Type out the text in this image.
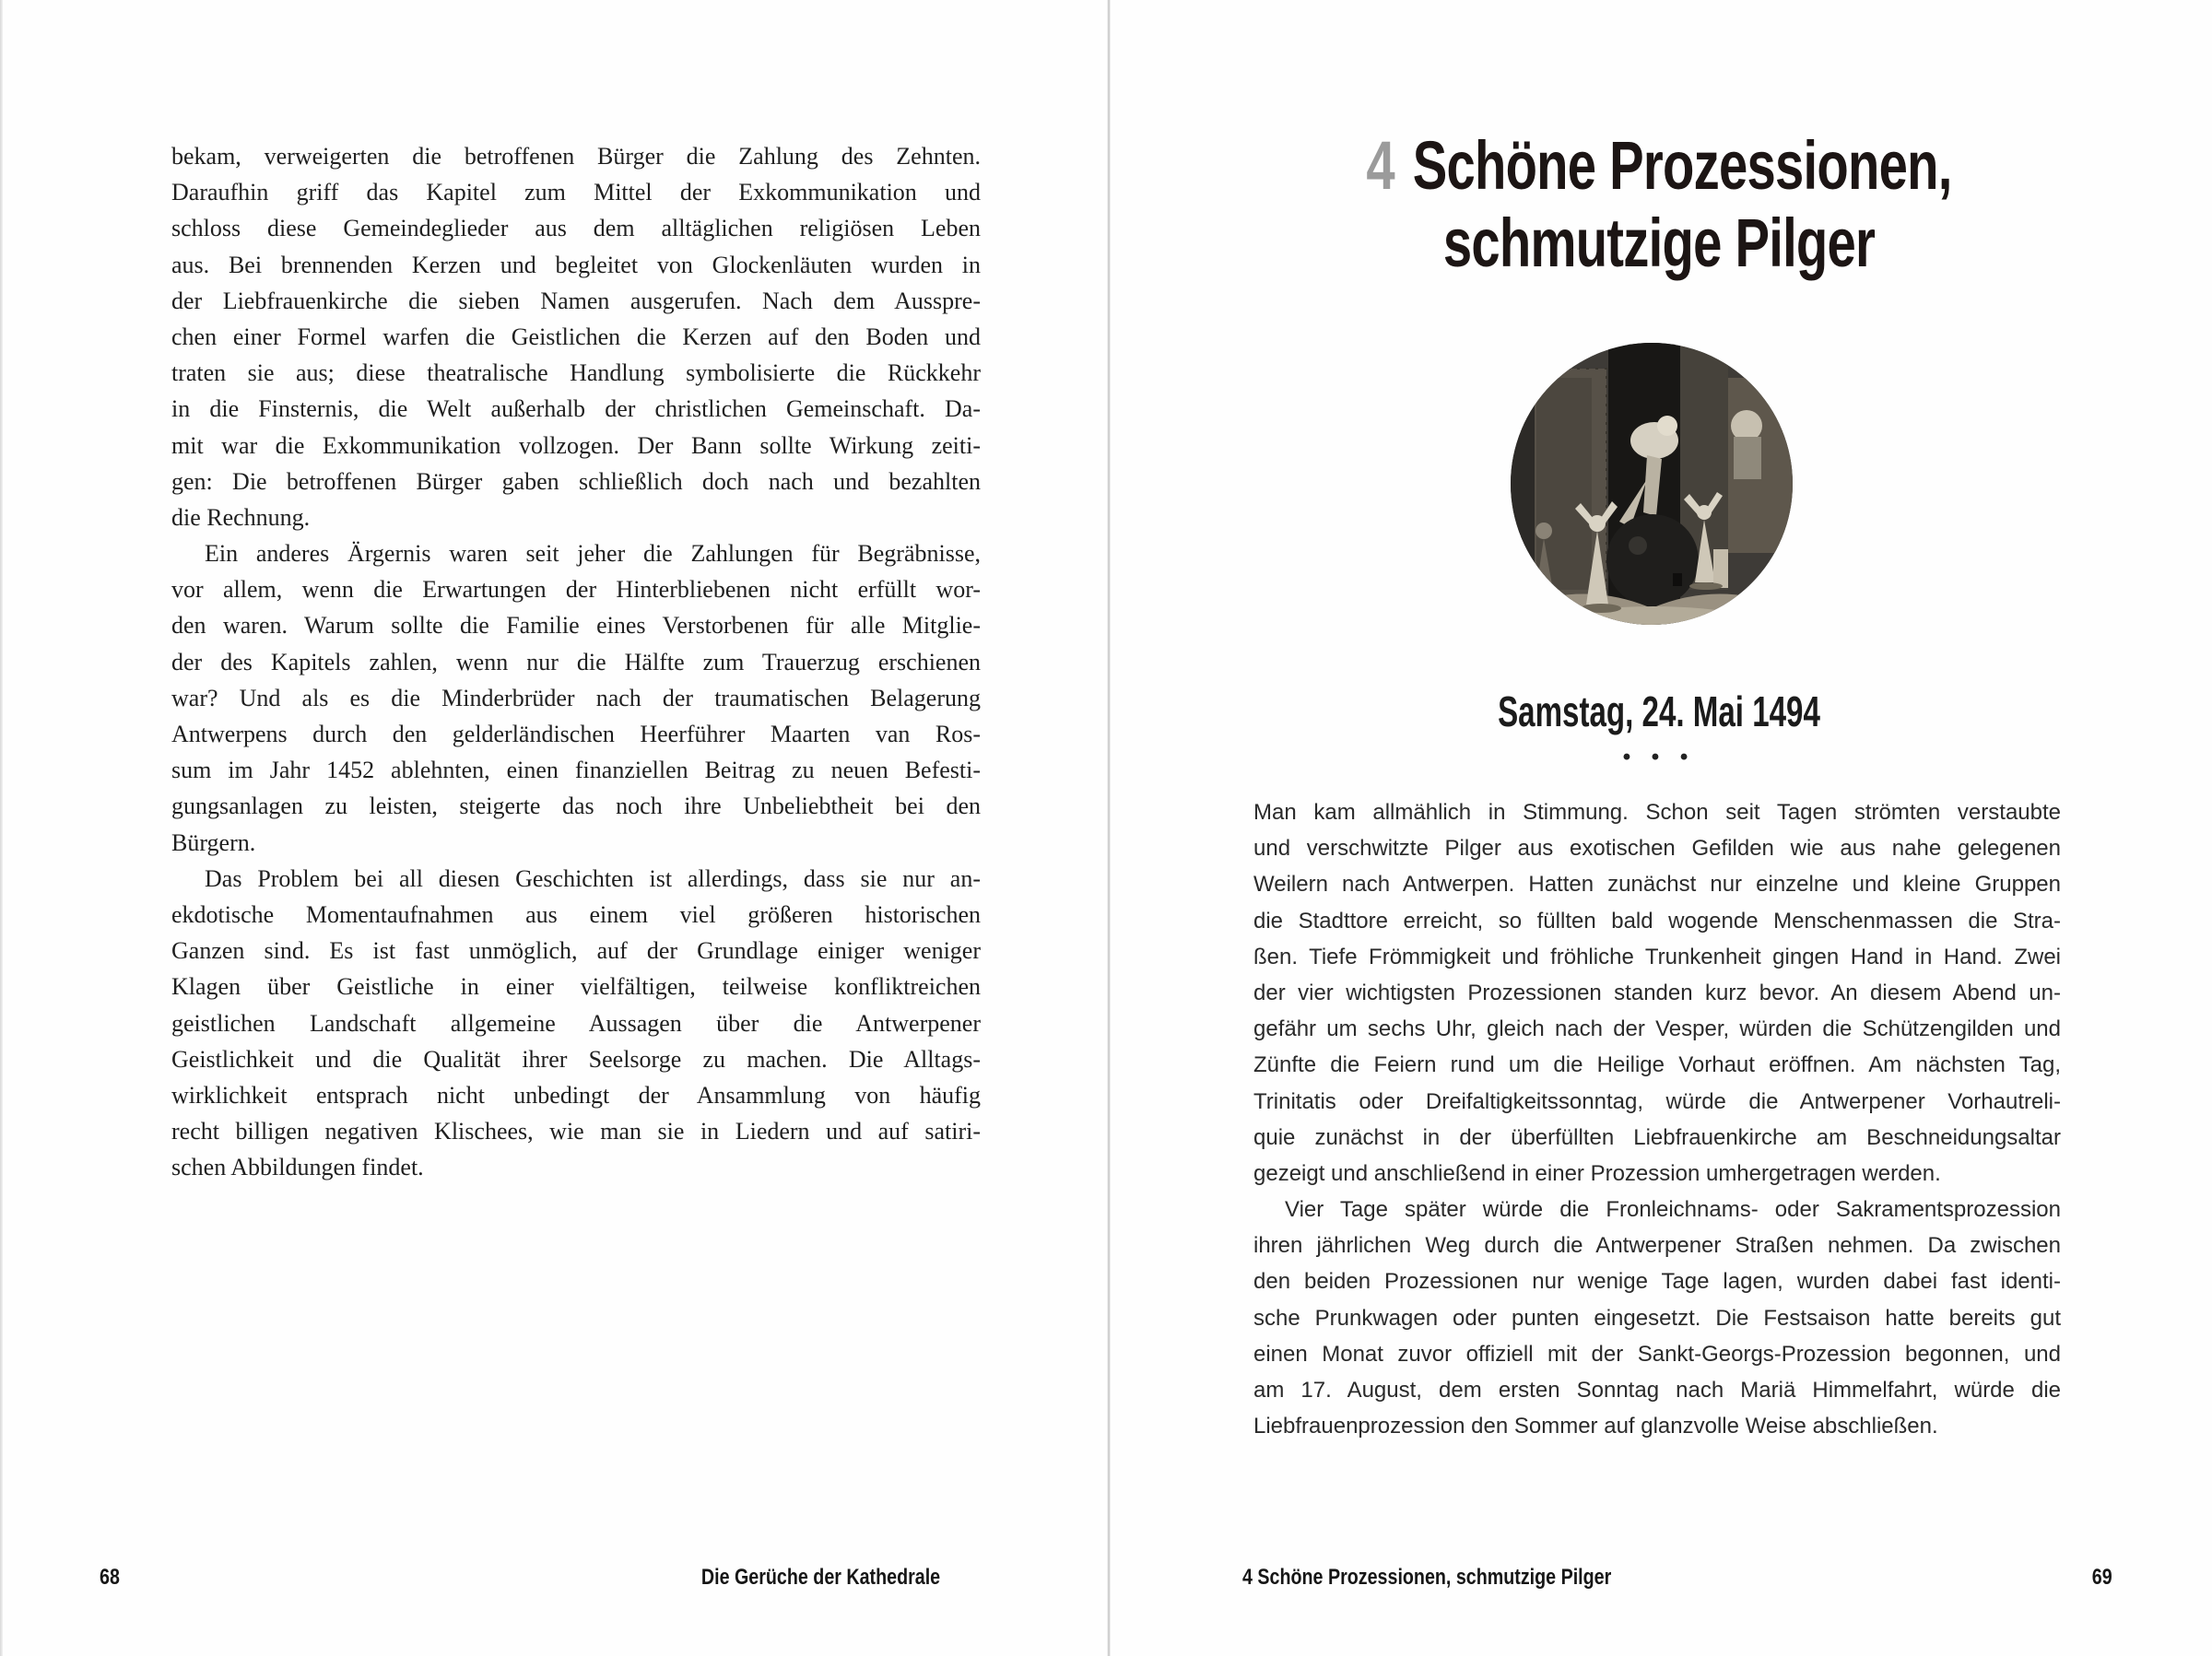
bekam, verweigerten die betroffenen Bürger die Zahlung des Zehnten.
Daraufhin griff das Kapitel zum Mittel der Exkommunikation und
schloss diese Gemeindeglieder aus dem alltäglichen religiösen Leben
aus. Bei brennenden Kerzen und begleitet von Glockenläuten wurden in
der Liebfrauenkirche die sieben Namen ausgerufen. Nach dem Ausspre-
chen einer Formel warfen die Geistlichen die Kerzen auf den Boden und
traten sie aus; diese theatralische Handlung symbolisierte die Rückkehr
in die Finsternis, die Welt außerhalb der christlichen Gemeinschaft. Da-
mit war die Exkommunikation vollzogen. Der Bann sollte Wirkung zeiti-
gen: Die betroffenen Bürger gaben schließlich doch nach und bezahlten
die Rechnung.
Ein anderes Ärgernis waren seit jeher die Zahlungen für Begräbnisse,
vor allem, wenn die Erwartungen der Hinterbliebenen nicht erfüllt wor-
den waren. Warum sollte die Familie eines Verstorbenen für alle Mitglie-
der des Kapitels zahlen, wenn nur die Hälfte zum Trauerzug erschienen
war? Und als es die Minderbrüder nach der traumatischen Belagerung
Antwerpens durch den gelderländischen Heerführer Maarten van Ros-
sum im Jahr 1452 ablehnten, einen finanziellen Beitrag zu neuen Befesti-
gungsanlagen zu leisten, steigerte das noch ihre Unbeliebtheit bei den
Bürgern.
Das Problem bei all diesen Geschichten ist allerdings, dass sie nur an-
ekdotische Momentaufnahmen aus einem viel größeren historischen
Ganzen sind. Es ist fast unmöglich, auf der Grundlage einiger weniger
Klagen über Geistliche in einer vielfältigen, teilweise konfliktreichen
geistlichen Landschaft allgemeine Aussagen über die Antwerpener
Geistlichkeit und die Qualität ihrer Seelsorge zu machen. Die Alltags-
wirklichkeit entsprach nicht unbedingt der Ansammlung von häufig
recht billigen negativen Klischees, wie man sie in Liedern und auf satiri-
schen Abbildungen findet.
68	Die Gerüche der Kathedrale
4 Schöne Prozessionen,
schmutzige Pilger
Samstag, 24. Mai 1494
• • •
Man kam allmählich in Stimmung. Schon seit Tagen strömten verstaubte
und verschwitzte Pilger aus exotischen Gefilden wie aus nahe gelegenen
Weilern nach Antwerpen. Hatten zunächst nur einzelne und kleine Gruppen
die Stadttore erreicht, so füllten bald wogende Menschenmassen die Stra-
ßen. Tiefe Frömmigkeit und fröhliche Trunkenheit gingen Hand in Hand. Zwei
der vier wichtigsten Prozessionen standen kurz bevor. An diesem Abend un-
gefähr um sechs Uhr, gleich nach der Vesper, würden die Schützengilden und
Zünfte die Feiern rund um die Heilige Vorhaut eröffnen. Am nächsten Tag,
Trinitatis oder Dreifaltigkeitssonntag, würde die Antwerpener Vorhautreli-
quie zunächst in der überfüllten Liebfrauenkirche am Beschneidungsaltar
gezeigt und anschließend in einer Prozession umhergetragen werden.
Vier Tage später würde die Fronleichnams- oder Sakramentsprozession
ihren jährlichen Weg durch die Antwerpener Straßen nehmen. Da zwischen
den beiden Prozessionen nur wenige Tage lagen, wurden dabei fast identi-
sche Prunkwagen oder punten eingesetzt. Die Festsaison hatte bereits gut
einen Monat zuvor offiziell mit der Sankt-Georgs-Prozession begonnen, und
am 17. August, dem ersten Sonntag nach Mariä Himmelfahrt, würde die
Liebfrauenprozession den Sommer auf glanzvolle Weise abschließen.
4 Schöne Prozessionen, schmutzige Pilger	69
